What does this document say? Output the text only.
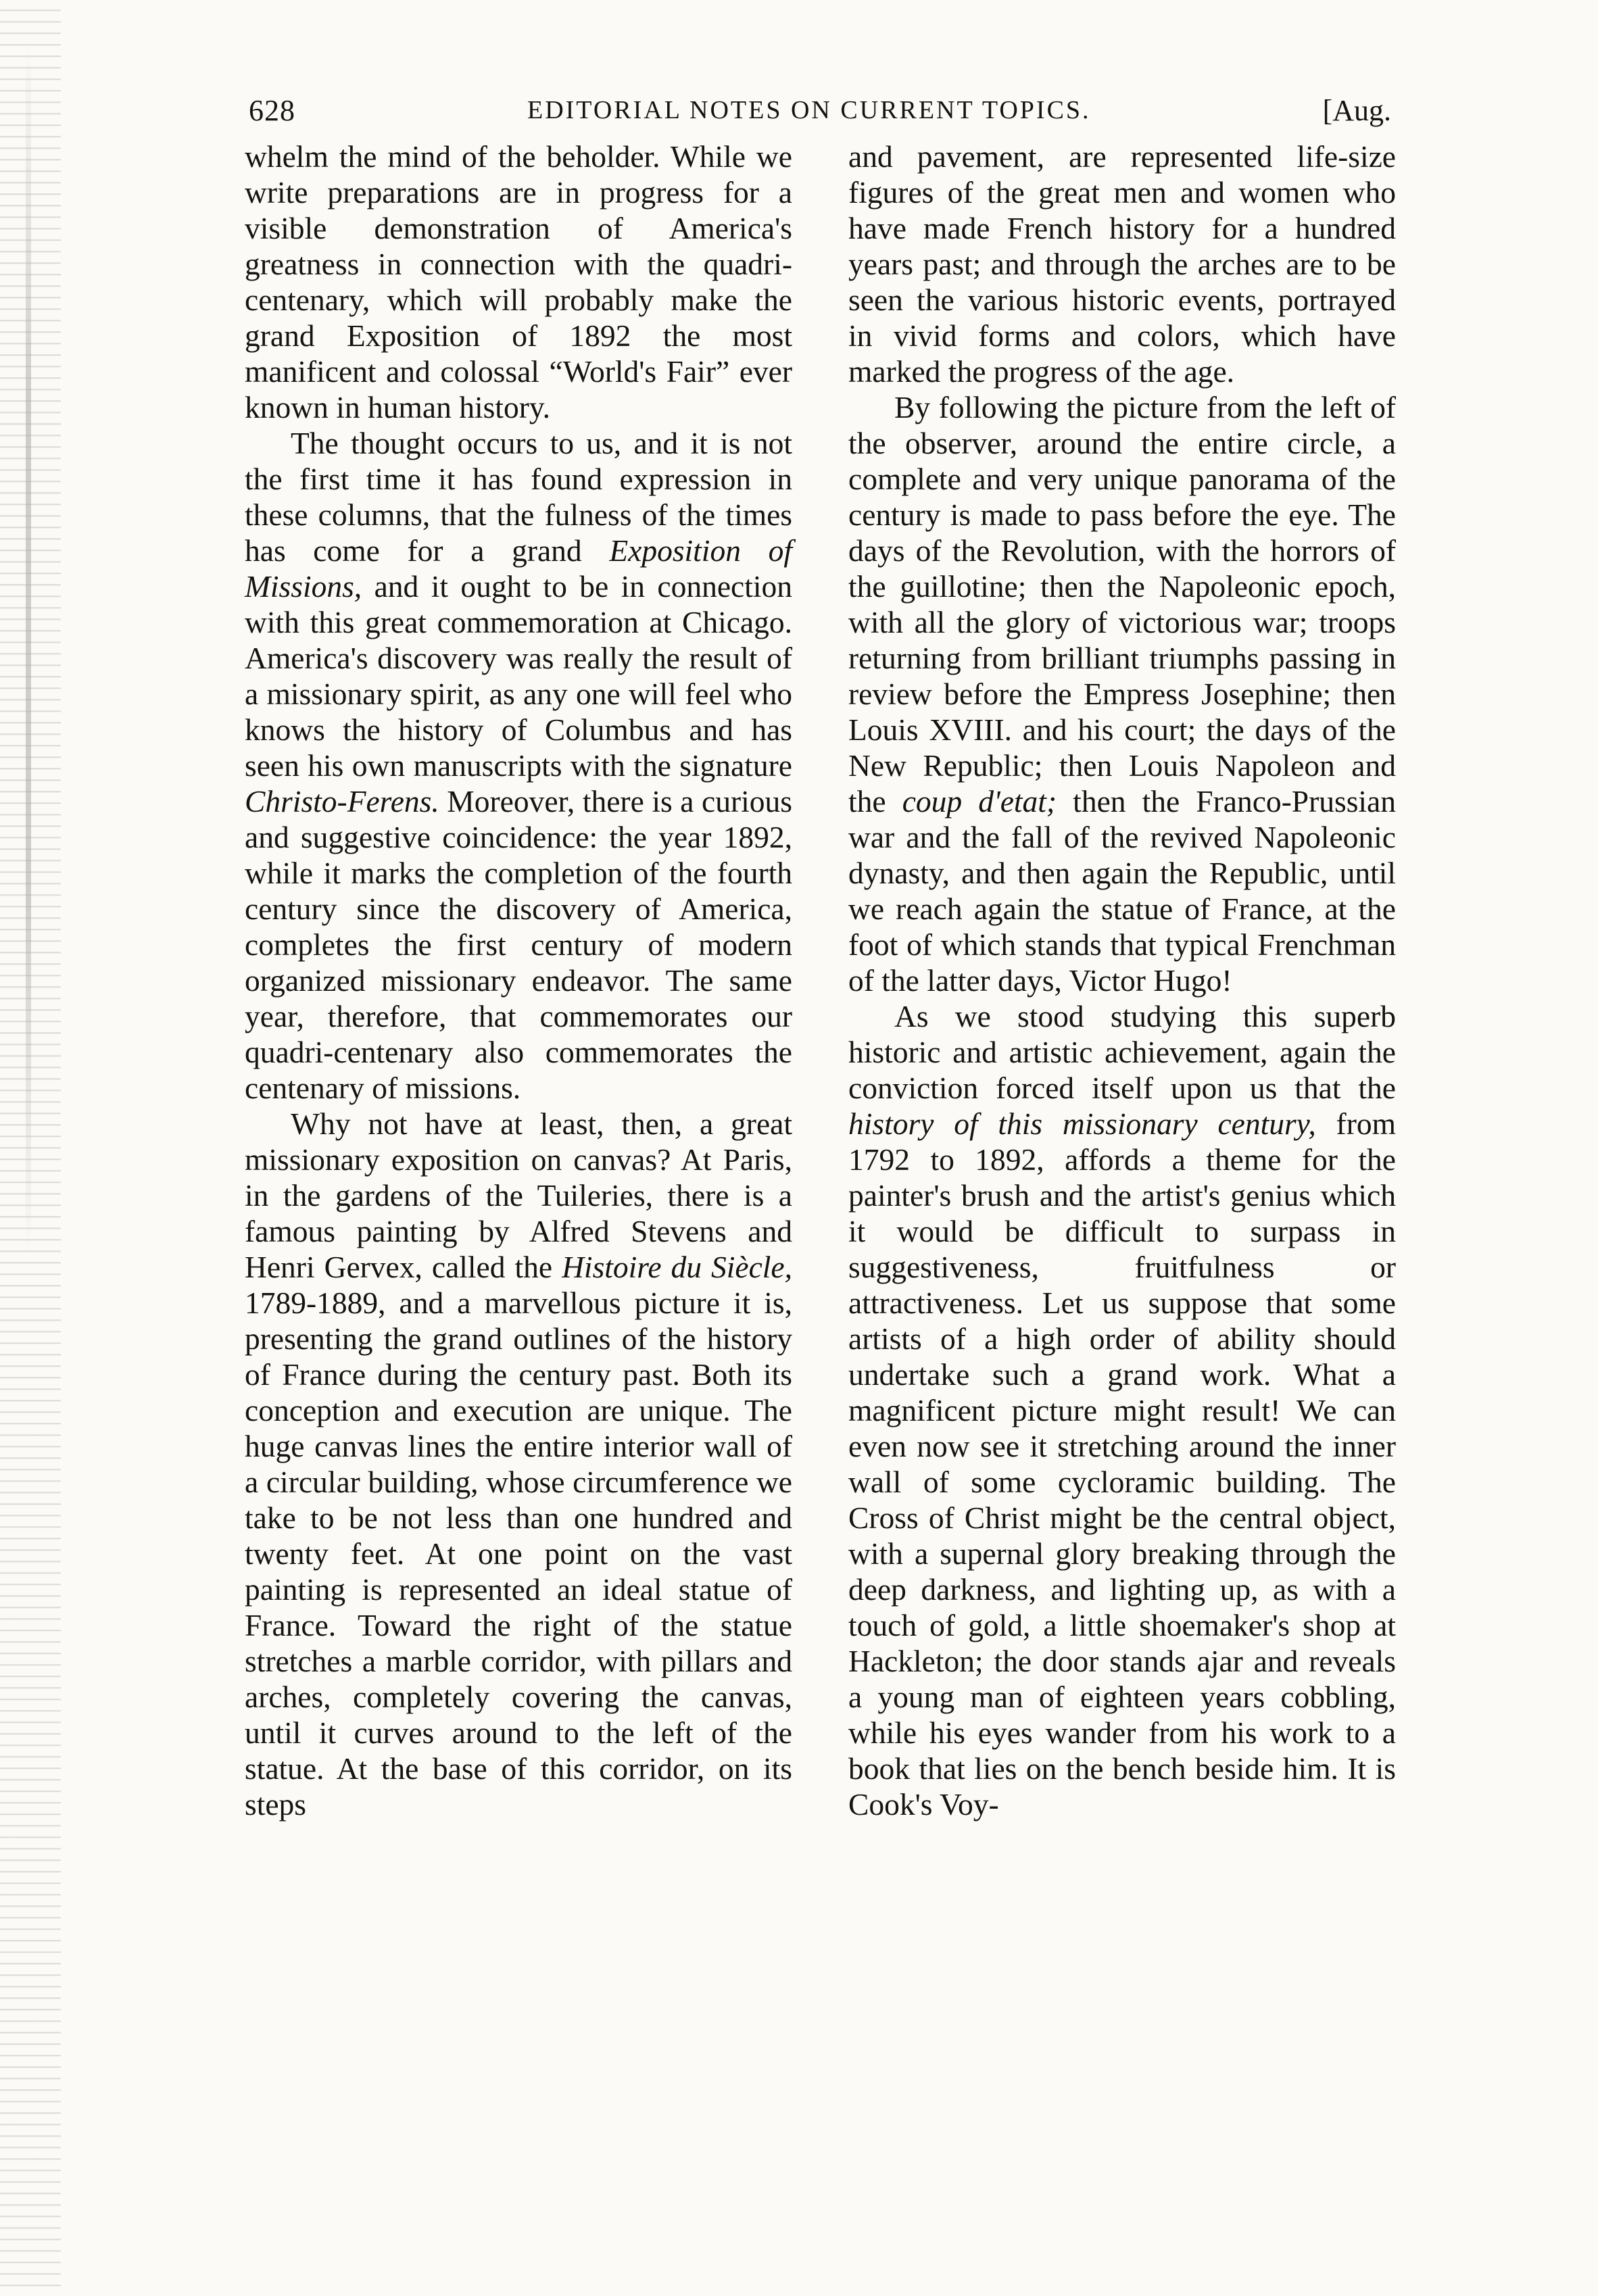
628	EDITORIAL NOTES ON CURRENT TOPICS.	[Aug.

whelm the mind of the beholder. While we write preparations are in progress for a visible demonstration of America's greatness in connection with the quadri-centenary, which will probably make the grand Exposition of 1892 the most manificent and colossal “World's Fair” ever known in human history.

The thought occurs to us, and it is not the first time it has found expression in these columns, that the fulness of the times has come for a grand Exposition of Missions, and it ought to be in connection with this great commemoration at Chicago. America's discovery was really the result of a missionary spirit, as any one will feel who knows the history of Columbus and has seen his own manuscripts with the signature Christo-Ferens. Moreover, there is a curious and suggestive coincidence: the year 1892, while it marks the completion of the fourth century since the discovery of America, completes the first century of modern organized missionary endeavor. The same year, therefore, that commemorates our quadri-centenary also commemorates the centenary of missions.

Why not have at least, then, a great missionary exposition on canvas? At Paris, in the gardens of the Tuileries, there is a famous painting by Alfred Stevens and Henri Gervex, called the Histoire du Siècle, 1789-1889, and a marvellous picture it is, presenting the grand outlines of the history of France during the century past. Both its conception and execution are unique. The huge canvas lines the entire interior wall of a circular building, whose circumference we take to be not less than one hundred and twenty feet. At one point on the vast painting is represented an ideal statue of France. Toward the right of the statue stretches a marble corridor, with pillars and arches, completely covering the canvas, until it curves around to the left of the statue. At the base of this corridor, on its steps

and pavement, are represented life-size figures of the great men and women who have made French history for a hundred years past; and through the arches are to be seen the various historic events, portrayed in vivid forms and colors, which have marked the progress of the age.

By following the picture from the left of the observer, around the entire circle, a complete and very unique panorama of the century is made to pass before the eye. The days of the Revolution, with the horrors of the guillotine; then the Napoleonic epoch, with all the glory of victorious war; troops returning from brilliant triumphs passing in review before the Empress Josephine; then Louis XVIII. and his court; the days of the New Republic; then Louis Napoleon and the coup d'etat; then the Franco-Prussian war and the fall of the revived Napoleonic dynasty, and then again the Republic, until we reach again the statue of France, at the foot of which stands that typical Frenchman of the latter days, Victor Hugo!

As we stood studying this superb historic and artistic achievement, again the conviction forced itself upon us that the history of this missionary century, from 1792 to 1892, affords a theme for the painter's brush and the artist's genius which it would be difficult to surpass in suggestiveness, fruitfulness or attractiveness. Let us suppose that some artists of a high order of ability should undertake such a grand work. What a magnificent picture might result! We can even now see it stretching around the inner wall of some cycloramic building. The Cross of Christ might be the central object, with a supernal glory breaking through the deep darkness, and lighting up, as with a touch of gold, a little shoemaker's shop at Hackleton; the door stands ajar and reveals a young man of eighteen years cobbling, while his eyes wander from his work to a book that lies on the bench beside him. It is Cook's Voy-
